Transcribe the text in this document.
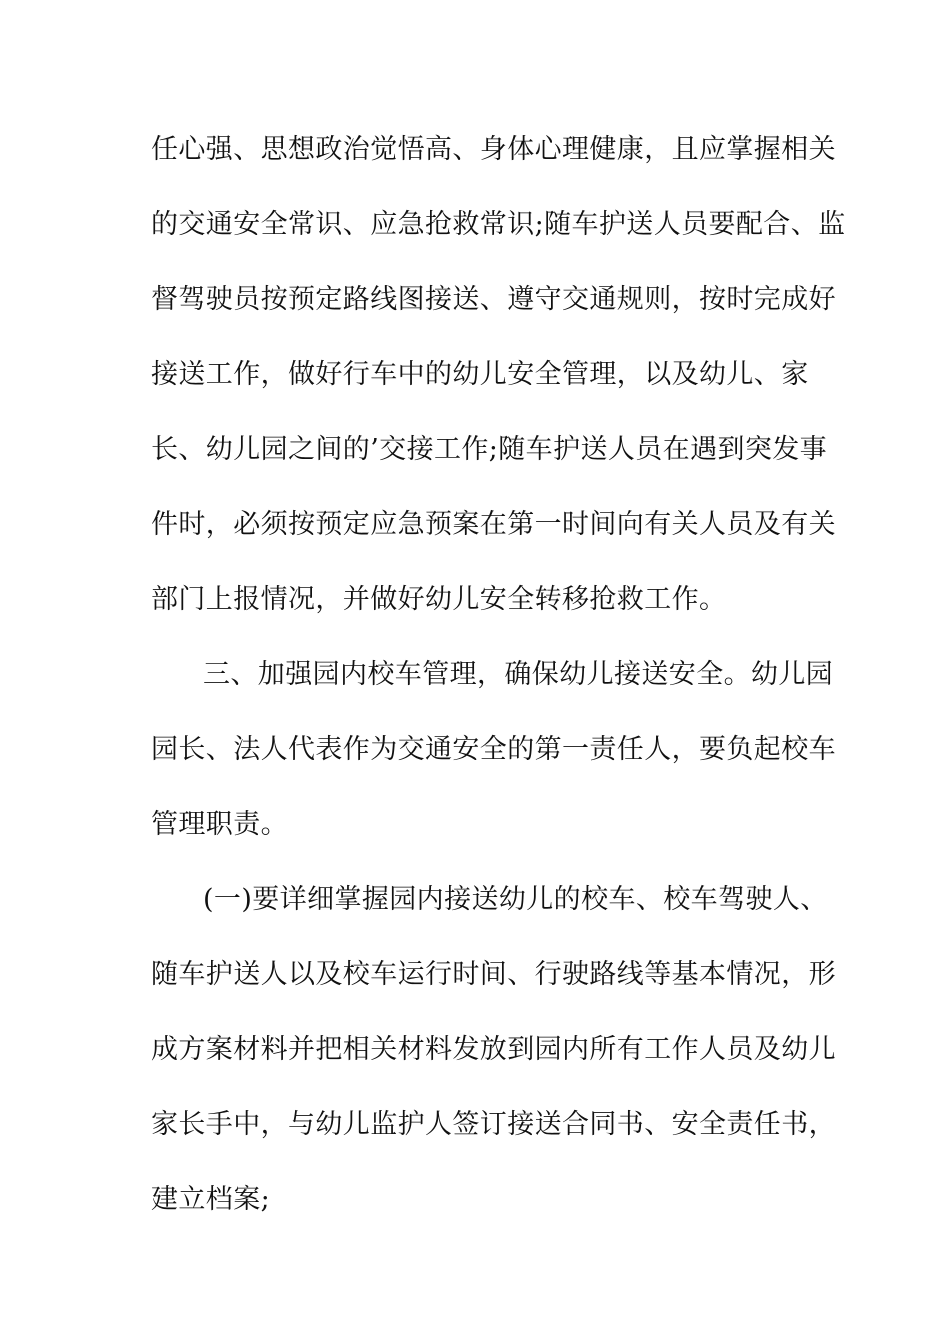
任心强、思想政治觉悟高、身体心理健康，且应掌握相关
的交通安全常识、应急抢救常识;随车护送人员要配合、监
督驾驶员按预定路线图接送、遵守交通规则，按时完成好
接送工作，做好行车中的幼儿安全管理，以及幼儿、家
长、幼儿园之间的’交接工作;随车护送人员在遇到突发事
件时，必须按预定应急预案在第一时间向有关人员及有关
部门上报情况，并做好幼儿安全转移抢救工作。
三、加强园内校车管理，确保幼儿接送安全。幼儿园
园长、法人代表作为交通安全的第一责任人，要负起校车
管理职责。
(一)要详细掌握园内接送幼儿的校车、校车驾驶人、
随车护送人以及校车运行时间、行驶路线等基本情况，形
成方案材料并把相关材料发放到园内所有工作人员及幼儿
家长手中，与幼儿监护人签订接送合同书、安全责任书，
建立档案;
